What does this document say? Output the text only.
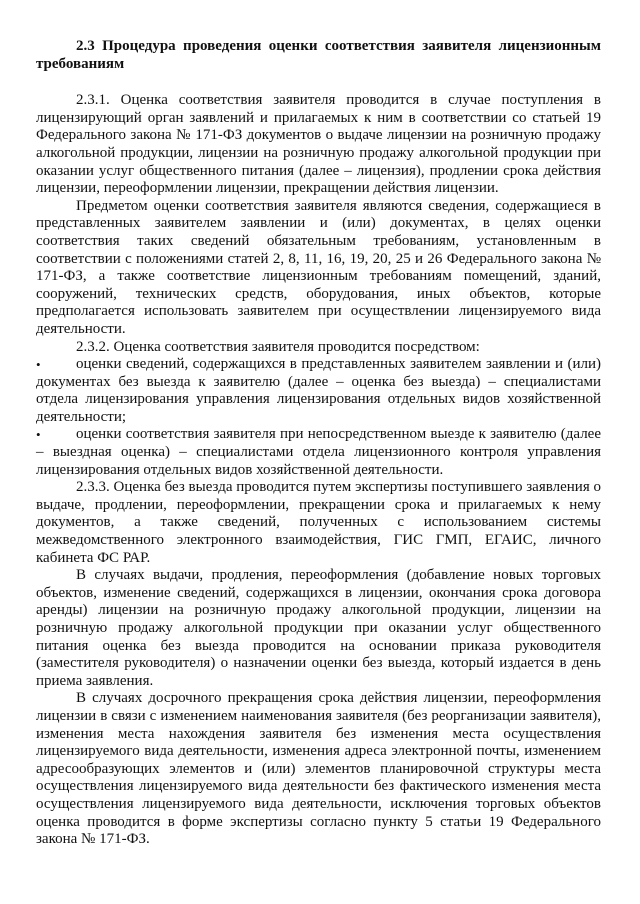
2.3 Процедура проведения оценки соответствия заявителя лицензионным требованиям

2.3.1. Оценка соответствия заявителя проводится в случае поступления в лицензирующий орган заявлений и прилагаемых к ним в соответствии со статьей 19 Федерального закона № 171-ФЗ документов о выдаче лицензии на розничную продажу алкогольной продукции, лицензии на розничную продажу алкогольной продукции при оказании услуг общественного питания (далее – лицензия), продлении срока действия лицензии, переоформлении лицензии, прекращении действия лицензии.

Предметом оценки соответствия заявителя являются сведения, содержащиеся в представленных заявителем заявлении и (или) документах, в целях оценки соответствия таких сведений обязательным требованиям, установленным в соответствии с положениями статей 2, 8, 11, 16, 19, 20, 25 и 26 Федерального закона № 171-ФЗ, а также соответствие лицензионным требованиям помещений, зданий, сооружений, технических средств, оборудования, иных объектов, которые предполагается использовать заявителем при осуществлении лицензируемого вида деятельности.

2.3.2. Оценка соответствия заявителя проводится посредством:

• оценки сведений, содержащихся в представленных заявителем заявлении и (или) документах без выезда к заявителю (далее – оценка без выезда) – специалистами отдела лицензирования управления лицензирования отдельных видов хозяйственной деятельности;
• оценки соответствия заявителя при непосредственном выезде к заявителю (далее – выездная оценка) – специалистами отдела лицензионного контроля управления лицензирования отдельных видов хозяйственной деятельности.

2.3.3. Оценка без выезда проводится путем экспертизы поступившего заявления о выдаче, продлении, переоформлении, прекращении срока и прилагаемых к нему документов, а также сведений, полученных с использованием системы межведомственного электронного взаимодействия, ГИС ГМП, ЕГАИС, личного кабинета ФС РАР.

В случаях выдачи, продления, переоформления (добавление новых торговых объектов, изменение сведений, содержащихся в лицензии, окончания срока договора аренды) лицензии на розничную продажу алкогольной продукции, лицензии на розничную продажу алкогольной продукции при оказании услуг общественного питания оценка без выезда проводится на основании приказа руководителя (заместителя руководителя) о назначении оценки без выезда, который издается в день приема заявления.

В случаях досрочного прекращения срока действия лицензии, переоформления лицензии в связи с изменением наименования заявителя (без реорганизации заявителя), изменения места нахождения заявителя без изменения места осуществления лицензируемого вида деятельности, изменения адреса электронной почты, изменением адресообразующих элементов и (или) элементов планировочной структуры места осуществления лицензируемого вида деятельности без фактического изменения места осуществления лицензируемого вида деятельности, исключения торговых объектов оценка проводится в форме экспертизы согласно пункту 5 статьи 19 Федерального закона № 171-ФЗ.
